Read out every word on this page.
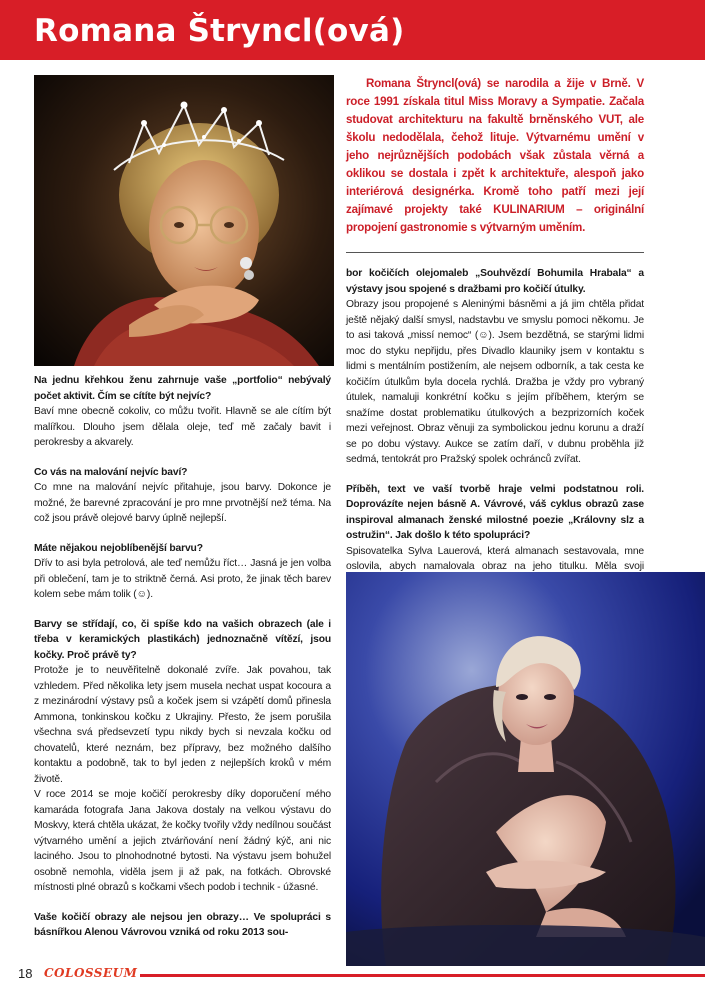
Romana Štryncl(ová)
Romana Štryncl(ová) se narodila a žije v Brně. V roce 1991 získala titul Miss Moravy a Sympatie. Začala studovat architekturu na fakultě brněnského VUT, ale školu nedodělala, čehož lituje. Výtvarnému umění v jeho nejrůznějších podobách však zůstala věrná a oklikou se dostala i zpět k architektuře, alespoň jako interiérová designérka. Kromě toho patří mezi její zajímavé projekty také KULINARIUM – originální propojení gastronomie s výtvarným uměním.

Na jednu křehkou ženu zahrnuje vaše „portfolio“ nebývalý počet aktivit. Čím se cítíte být nejvíc?

Baví mne obecně cokoliv, co můžu tvořit. Hlavně se ale cítím být malířkou. Dlouho jsem dělala oleje, teď mě začaly bavit i perokresby a akvarely.

Co vás na malování nejvíc baví?

Co mne na malování nejvíc přitahuje, jsou barvy. Dokonce je možné, že barevné zpracování je pro mne prvotnější než téma. Na což jsou právě olejové barvy úplně nejlepší.

Máte nějakou nejoblíbenější barvu?

Dřív to asi byla petrolová, ale teď nemůžu říct… Jasná je jen volba při oblečení, tam je to striktně černá. Asi proto, že jinak těch barev kolem sebe mám tolik (☺).

Barvy se střídají, co, či spíše kdo na vašich obrazech (ale i třeba v keramických plastikách) jednoznačně vítězí, jsou kočky. Proč právě ty?

Protože je to neuvěřitelně dokonalé zvíře. Jak povahou, tak vzhledem. Před několika lety jsem musela nechat uspat kocoura a z mezinárodní výstavy psů a koček jsem si vzápětí domů přinesla Ammona, tonkinskou kočku z Ukrajiny. Přesto, že jsem porušila všechna svá předsevzetí typu nikdy bych si nevzala kočku od chovatelů, které neznám, bez přípravy, bez možného dalšího kontaktu a podobně, tak to byl jeden z nejlepších kroků v mém životě.

V roce 2014 se moje kočičí perokresby díky doporučení mého kamaráda fotografa Jana Jakova dostaly na velkou výstavu do Moskvy, která chtěla ukázat, že kočky tvořily vždy nedílnou součást výtvarného umění a jejich ztvárňování není žádný kýč, ani nic laciného. Jsou to plnohodnotné bytosti. Na výstavu jsem bohužel osobně nemohla, viděla jsem ji až pak, na fotkách. Obrovské místnosti plné obrazů s kočkami všech podob i technik - úžasné.

Vaše kočičí obrazy ale nejsou jen obrazy… Ve spolupráci s básnířkou Alenou Vávrovou vzniká od roku 2013 sou-

bor kočičích olejomaleb „Souhvězdí Bohumila Hrabala“ a výstavy jsou spojené s dražbami pro kočičí útulky.

Obrazy jsou propojené s Aleninými básněmi a já jim chtěla přidat ještě nějaký další smysl, nadstavbu ve smyslu pomoci někomu. Je to asi taková „missí nemoc“ (☺). Jsem bezdětná, se starými lidmi moc do styku nepřijdu, přes Divadlo klauniky jsem v kontaktu s lidmi s mentálním postižením, ale nejsem odborník, a tak cesta ke kočičím útulkům byla docela rychlá. Dražba je vždy pro vybraný útulek, namaluji konkrétní kočku s jejím příběhem, kterým se snažíme dostat problematiku útulkových a bezprizorních koček mezi veřejnost. Obraz věnuji za symbolickou jednu korunu a draží se po dobu výstavy. Aukce se zatím daří, v dubnu proběhla již sedmá, tentokrát pro Pražský spolek ochránců zvířat.

Příběh, text ve vaší tvorbě hraje velmi podstatnou roli. Doprovázíte nejen básně A. Vávrové, váš cyklus obrazů zase inspiroval almanach ženské milostné poezie „Královny slz a ostružin“. Jak došlo k této spolupráci?

Spisovatelka Sylva Lauerová, která almanach sestavovala, mne oslovila, abych namalovala obraz na jeho titulku. Měla svoji

18 COLOSSEUM
